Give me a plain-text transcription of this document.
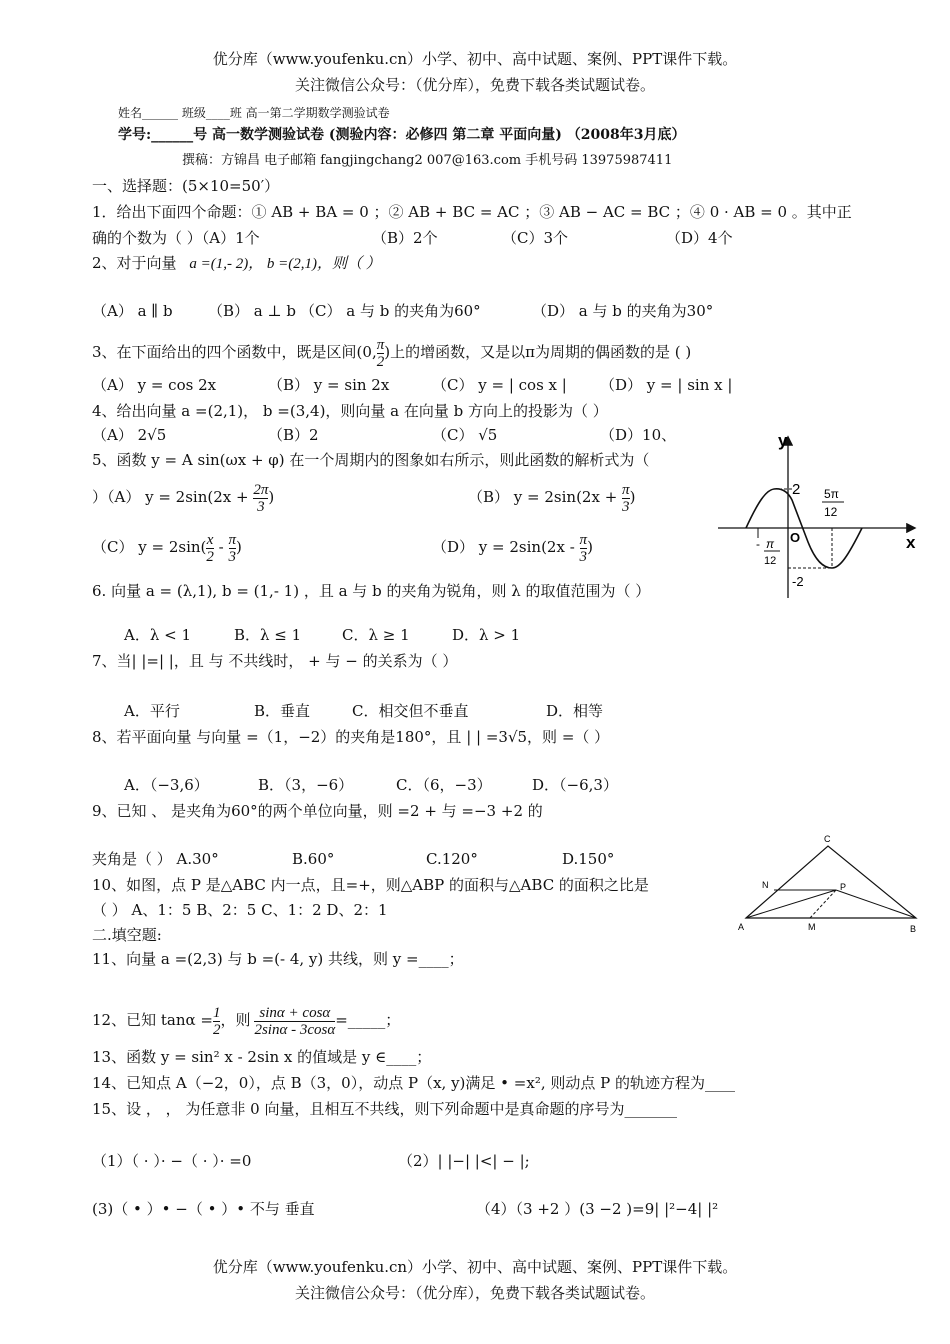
优分库（www.youfenku.cn）小学、初中、高中试题、案例、PPT课件下载。
关注微信公众号：（优分库），免费下载各类试题试卷。
姓名______ 班级____班 高一第二学期数学测验试卷
学号:______号 高一数学测验试卷 (测验内容：必修四 第二章 平面向量) （2008年3月底）
撰稿：方锦昌 电子邮箱 fangjingchang2 007@163.com 手机号码 13975987411
一、选择题：(5×10=50′）
1．给出下面四个命题：① AB + BA = 0 ；② AB + BC = AC ；③ AB − AC = BC ；④ 0 · AB = 0 。其中正
确的个数为（ ）（A）1个	（B）2个	（C）3个	（D）4个
2、对于向量 a =(1,- 2)， b =(2,1)，则（ ）
（A） a ∥ b （B） a ⊥ b （C） a 与 b 的夹角为60°	（D） a 与 b 的夹角为30°
3、在下面给出的四个函数中，既是区间(0, $\frac{\pi}{2}$ )上的增函数，又是以π为周期的偶函数的是 ( )
（A） y = cos 2x	（B） y = sin 2x	（C） y = | cos x | （D） y = | sin x |
4、给出向量 a =(2,1)， b =(3,4)，则向量 a 在向量 b 方向上的投影为（ ）
（A） 2√5	（B）2	（C） √5	（D）10、
5、函数 y = A sin(ωx + φ) 在一个周期内的图象如右所示，则此函数的解析式为（
）（A） $y = 2\sin(2x + \frac{2\pi}{3}$ )	（B） $y = 2\sin(2x + \frac{\pi}{3}$ )
（C） $y = 2\sin( \frac{x}{2} - \frac{\pi}{3}$ )	（D） $y = 2\sin(2x - \frac{\pi}{3}$ )
y
x
O
2
-2
5π
12
- π
12
6. 向量 a = (λ,1), b = (1,- 1) ，且 a 与 b 的夹角为锐角，则 λ 的取值范围为（ ）
A．λ < 1	B．λ ≤ 1	C．λ ≥ 1	D．λ > 1
7、当| |=| |，且 与 不共线时， + 与 − 的关系为（ ）
A．平行	B．垂直	C．相交但不垂直	D．相等
8、若平面向量 与向量 =（1，−2）的夹角是180°，且 | | =3√5，则 =（ ）
A．（−3,6）	B．（3，−6）	C．（6，−3）	D．（−6,3）
9、已知 、 是夹角为60°的两个单位向量，则 =2 + 与 =−3 +2 的
夹角是（ ） A.30°	B.60°	C.120°	D.150°
10、如图，点 P 是△ABC 内一点，且=+，则△ABP 的面积与△ABC 的面积之比是
（ ） A、1：5 B、2：5 C、1：2 D、2：1
A	B
C
N
M
P
二.填空题:
11、向量 a =(2,3) 与 b =(- 4, y) 共线，则 y =____；
12、已知 $\tan\alpha = \frac{1}{2}$ ，则 $\frac{\sin\alpha + \cos\alpha}{2\sin\alpha - 3\cos\alpha}$ =_____；
13、函数 y = sin² x - 2sin x 的值域是 y ∈____；
14、已知点 A（−2，0），点 B（3，0），动点 P（x, y)满足 • =x², 则动点 P 的轨迹方程为____
15、设 ， ， 为任意非 0 向量，且相互不共线，则下列命题中是真命题的序号为_______
（1）（ · ）· −（ · ）· =0	（2）| |−| |<| − |;
(3)（ • ）• −（ • ）• 不与 垂直	（4）（3 +2 ）(3 −2 )=9| |²−4| |²
优分库（www.youfenku.cn）小学、初中、高中试题、案例、PPT课件下载。
关注微信公众号：（优分库），免费下载各类试题试卷。
